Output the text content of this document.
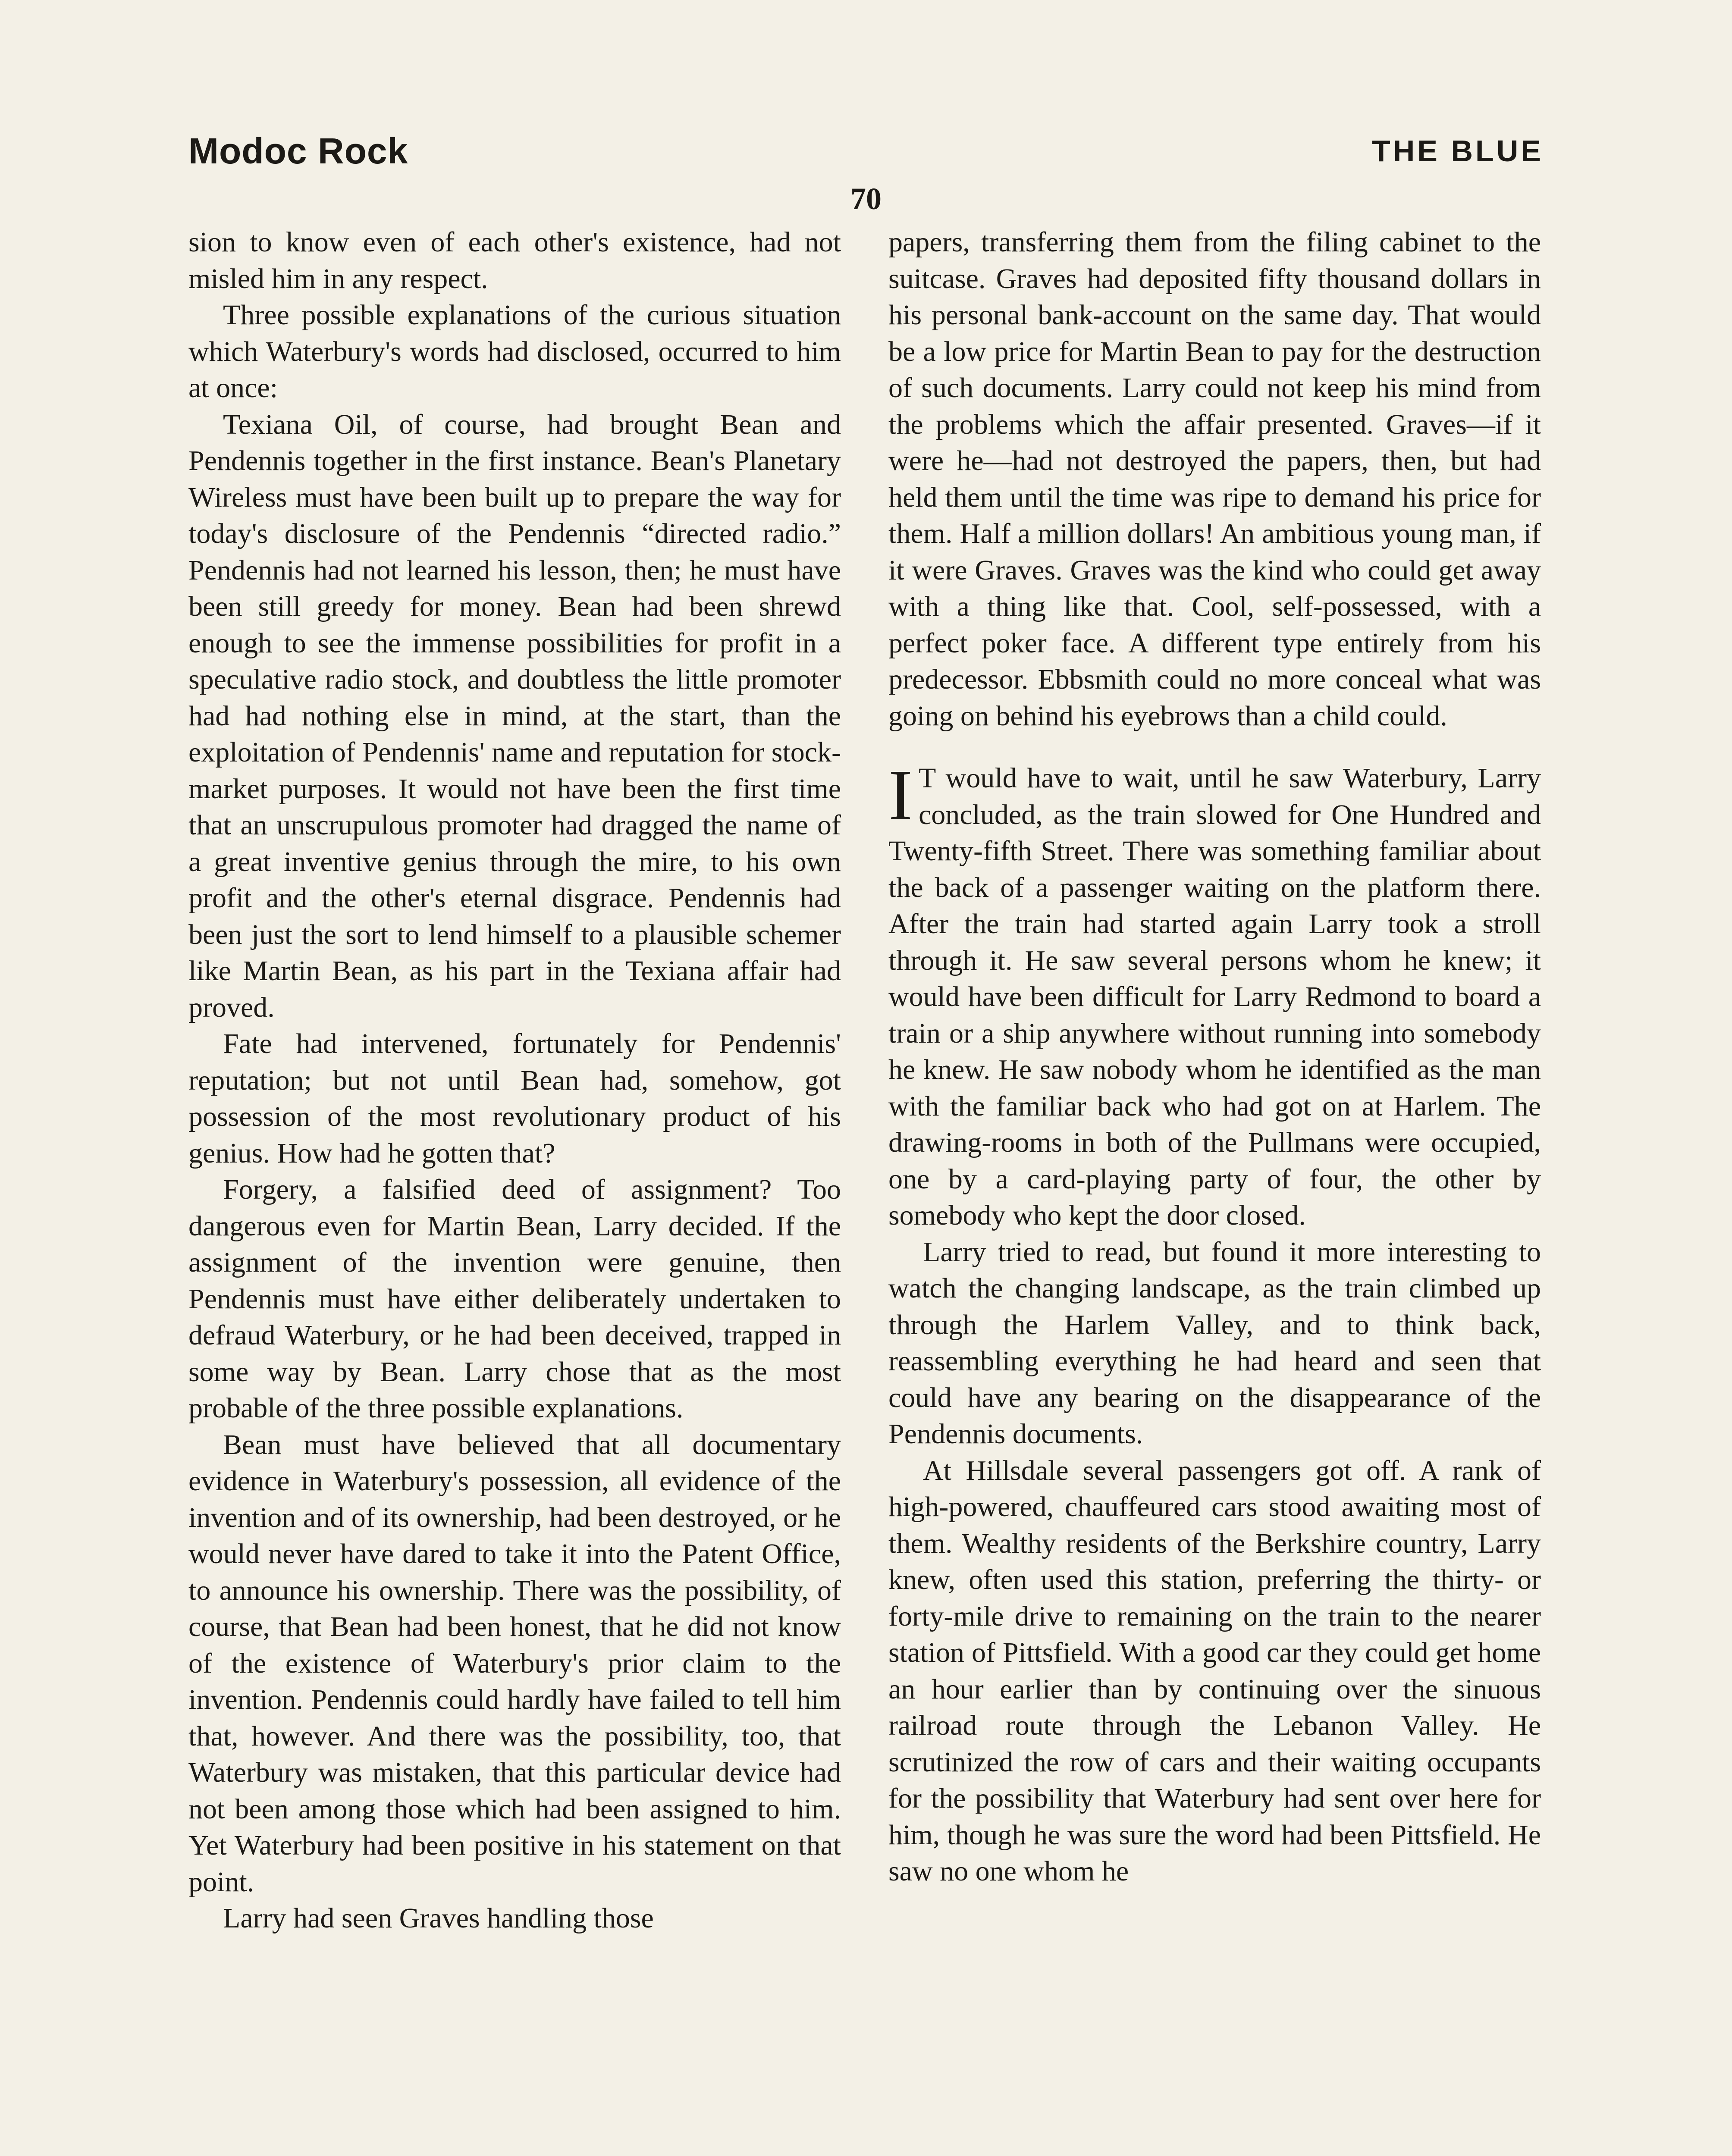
Modoc Rock	THE BLUE
70

sion to know even of each other's existence, had not misled him in any respect.

Three possible explanations of the curious situation which Waterbury's words had disclosed, occurred to him at once:

Texiana Oil, of course, had brought Bean and Pendennis together in the first instance. Bean's Planetary Wireless must have been built up to prepare the way for today's disclosure of the Pendennis “directed radio.” Pendennis had not learned his lesson, then; he must have been still greedy for money. Bean had been shrewd enough to see the immense possibilities for profit in a speculative radio stock, and doubtless the little promoter had had nothing else in mind, at the start, than the exploitation of Pendennis' name and reputation for stock-market purposes. It would not have been the first time that an unscrupulous promoter had dragged the name of a great inventive genius through the mire, to his own profit and the other's eternal disgrace. Pendennis had been just the sort to lend himself to a plausible schemer like Martin Bean, as his part in the Texiana affair had proved.

Fate had intervened, fortunately for Pendennis' reputation; but not until Bean had, somehow, got possession of the most revolutionary product of his genius. How had he gotten that?

Forgery, a falsified deed of assignment? Too dangerous even for Martin Bean, Larry decided. If the assignment of the invention were genuine, then Pendennis must have either deliberately undertaken to defraud Waterbury, or he had been deceived, trapped in some way by Bean. Larry chose that as the most probable of the three possible explanations.

Bean must have believed that all documentary evidence in Waterbury's possession, all evidence of the invention and of its ownership, had been destroyed, or he would never have dared to take it into the Patent Office, to announce his ownership. There was the possibility, of course, that Bean had been honest, that he did not know of the existence of Waterbury's prior claim to the invention. Pendennis could hardly have failed to tell him that, however. And there was the possibility, too, that Waterbury was mistaken, that this particular device had not been among those which had been assigned to him. Yet Waterbury had been positive in his statement on that point.

Larry had seen Graves handling those

papers, transferring them from the filing cabinet to the suitcase. Graves had deposited fifty thousand dollars in his personal bank-account on the same day. That would be a low price for Martin Bean to pay for the destruction of such documents. Larry could not keep his mind from the problems which the affair presented. Graves—if it were he—had not destroyed the papers, then, but had held them until the time was ripe to demand his price for them. Half a million dollars! An ambitious young man, if it were Graves. Graves was the kind who could get away with a thing like that. Cool, self-possessed, with a perfect poker face. A different type entirely from his predecessor. Ebbsmith could no more conceal what was going on behind his eyebrows than a child could.

I T would have to wait, until he saw Waterbury, Larry concluded, as the train slowed for One Hundred and Twenty-fifth Street. There was something familiar about the back of a passenger waiting on the platform there. After the train had started again Larry took a stroll through it. He saw several persons whom he knew; it would have been difficult for Larry Redmond to board a train or a ship anywhere without running into somebody he knew. He saw nobody whom he identified as the man with the familiar back who had got on at Harlem. The drawing-rooms in both of the Pullmans were occupied, one by a card-playing party of four, the other by somebody who kept the door closed.

Larry tried to read, but found it more interesting to watch the changing landscape, as the train climbed up through the Harlem Valley, and to think back, reassembling everything he had heard and seen that could have any bearing on the disappearance of the Pendennis documents.

At Hillsdale several passengers got off. A rank of high-powered, chauffeured cars stood awaiting most of them. Wealthy residents of the Berkshire country, Larry knew, often used this station, preferring the thirty- or forty-mile drive to remaining on the train to the nearer station of Pittsfield. With a good car they could get home an hour earlier than by continuing over the sinuous railroad route through the Lebanon Valley. He scrutinized the row of cars and their waiting occupants for the possibility that Waterbury had sent over here for him, though he was sure the word had been Pittsfield. He saw no one whom he
